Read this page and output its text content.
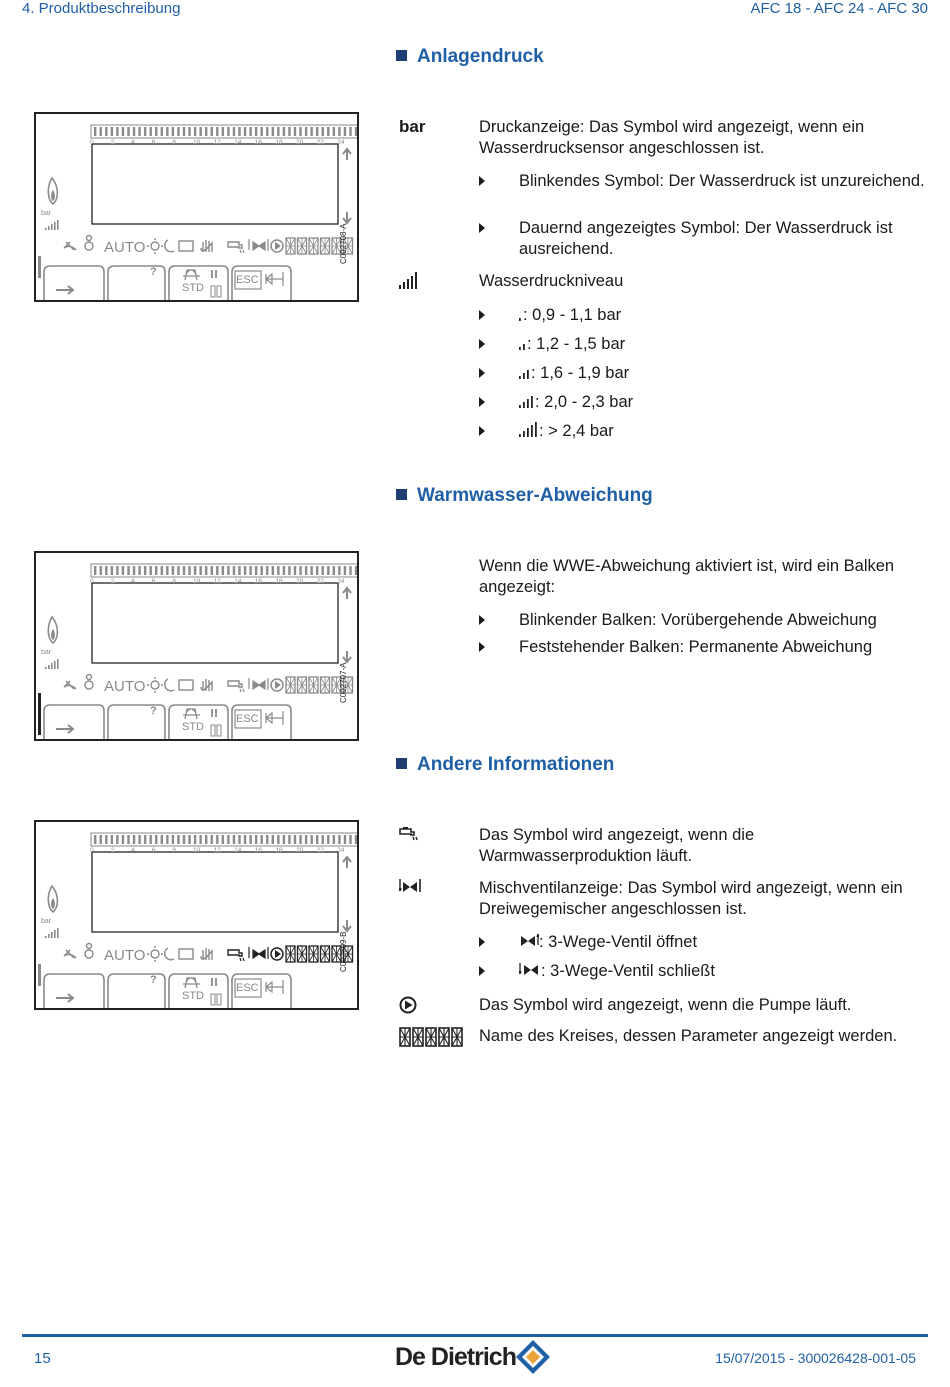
4. Produktbeschreibung	AFC 18 - AFC 24 - AFC 30
Anlagendruck
0	2	4	6	8	10 12 14 16 18 20 22 24
bar
AUTO
?
STD
ESC
C002708-A
bar	Druckanzeige: Das Symbol wird angezeigt, wenn ein Wasserdrucksensor angeschlossen ist.
Blinkendes Symbol: Der Wasserdruck ist unzureichend.
Dauernd angezeigtes Symbol: Der Wasserdruck ist ausreichend.
Wasserdruckniveau
: 0,9 - 1,1 bar
: 1,2 - 1,5 bar
: 1,6 - 1,9 bar
: 2,0 - 2,3 bar
: > 2,4 bar
Warmwasser-Abweichung
0	2	4	6	8	10 12 14 16 18 20 22 24
bar
AUTO
?
STD
ESC
C002707-A
Wenn die WWE-Abweichung aktiviert ist, wird ein Balken angezeigt:
Blinkender Balken: Vorübergehende Abweichung
Feststehender Balken: Permanente Abweichung
Andere Informationen
0	2	4	6	8	10 12 14 16 18 20 22 24
bar
AUTO
?
STD
ESC
C002699-B
Das Symbol wird angezeigt, wenn die Warmwasserproduktion läuft.
Mischventilanzeige: Das Symbol wird angezeigt, wenn ein Dreiwegemischer angeschlossen ist.
: 3-Wege-Ventil öffnet
: 3-Wege-Ventil schließt
Das Symbol wird angezeigt, wenn die Pumpe läuft.
Name des Kreises, dessen Parameter angezeigt werden.
15	De Dietrich	15/07/2015 - 300026428-001-05
